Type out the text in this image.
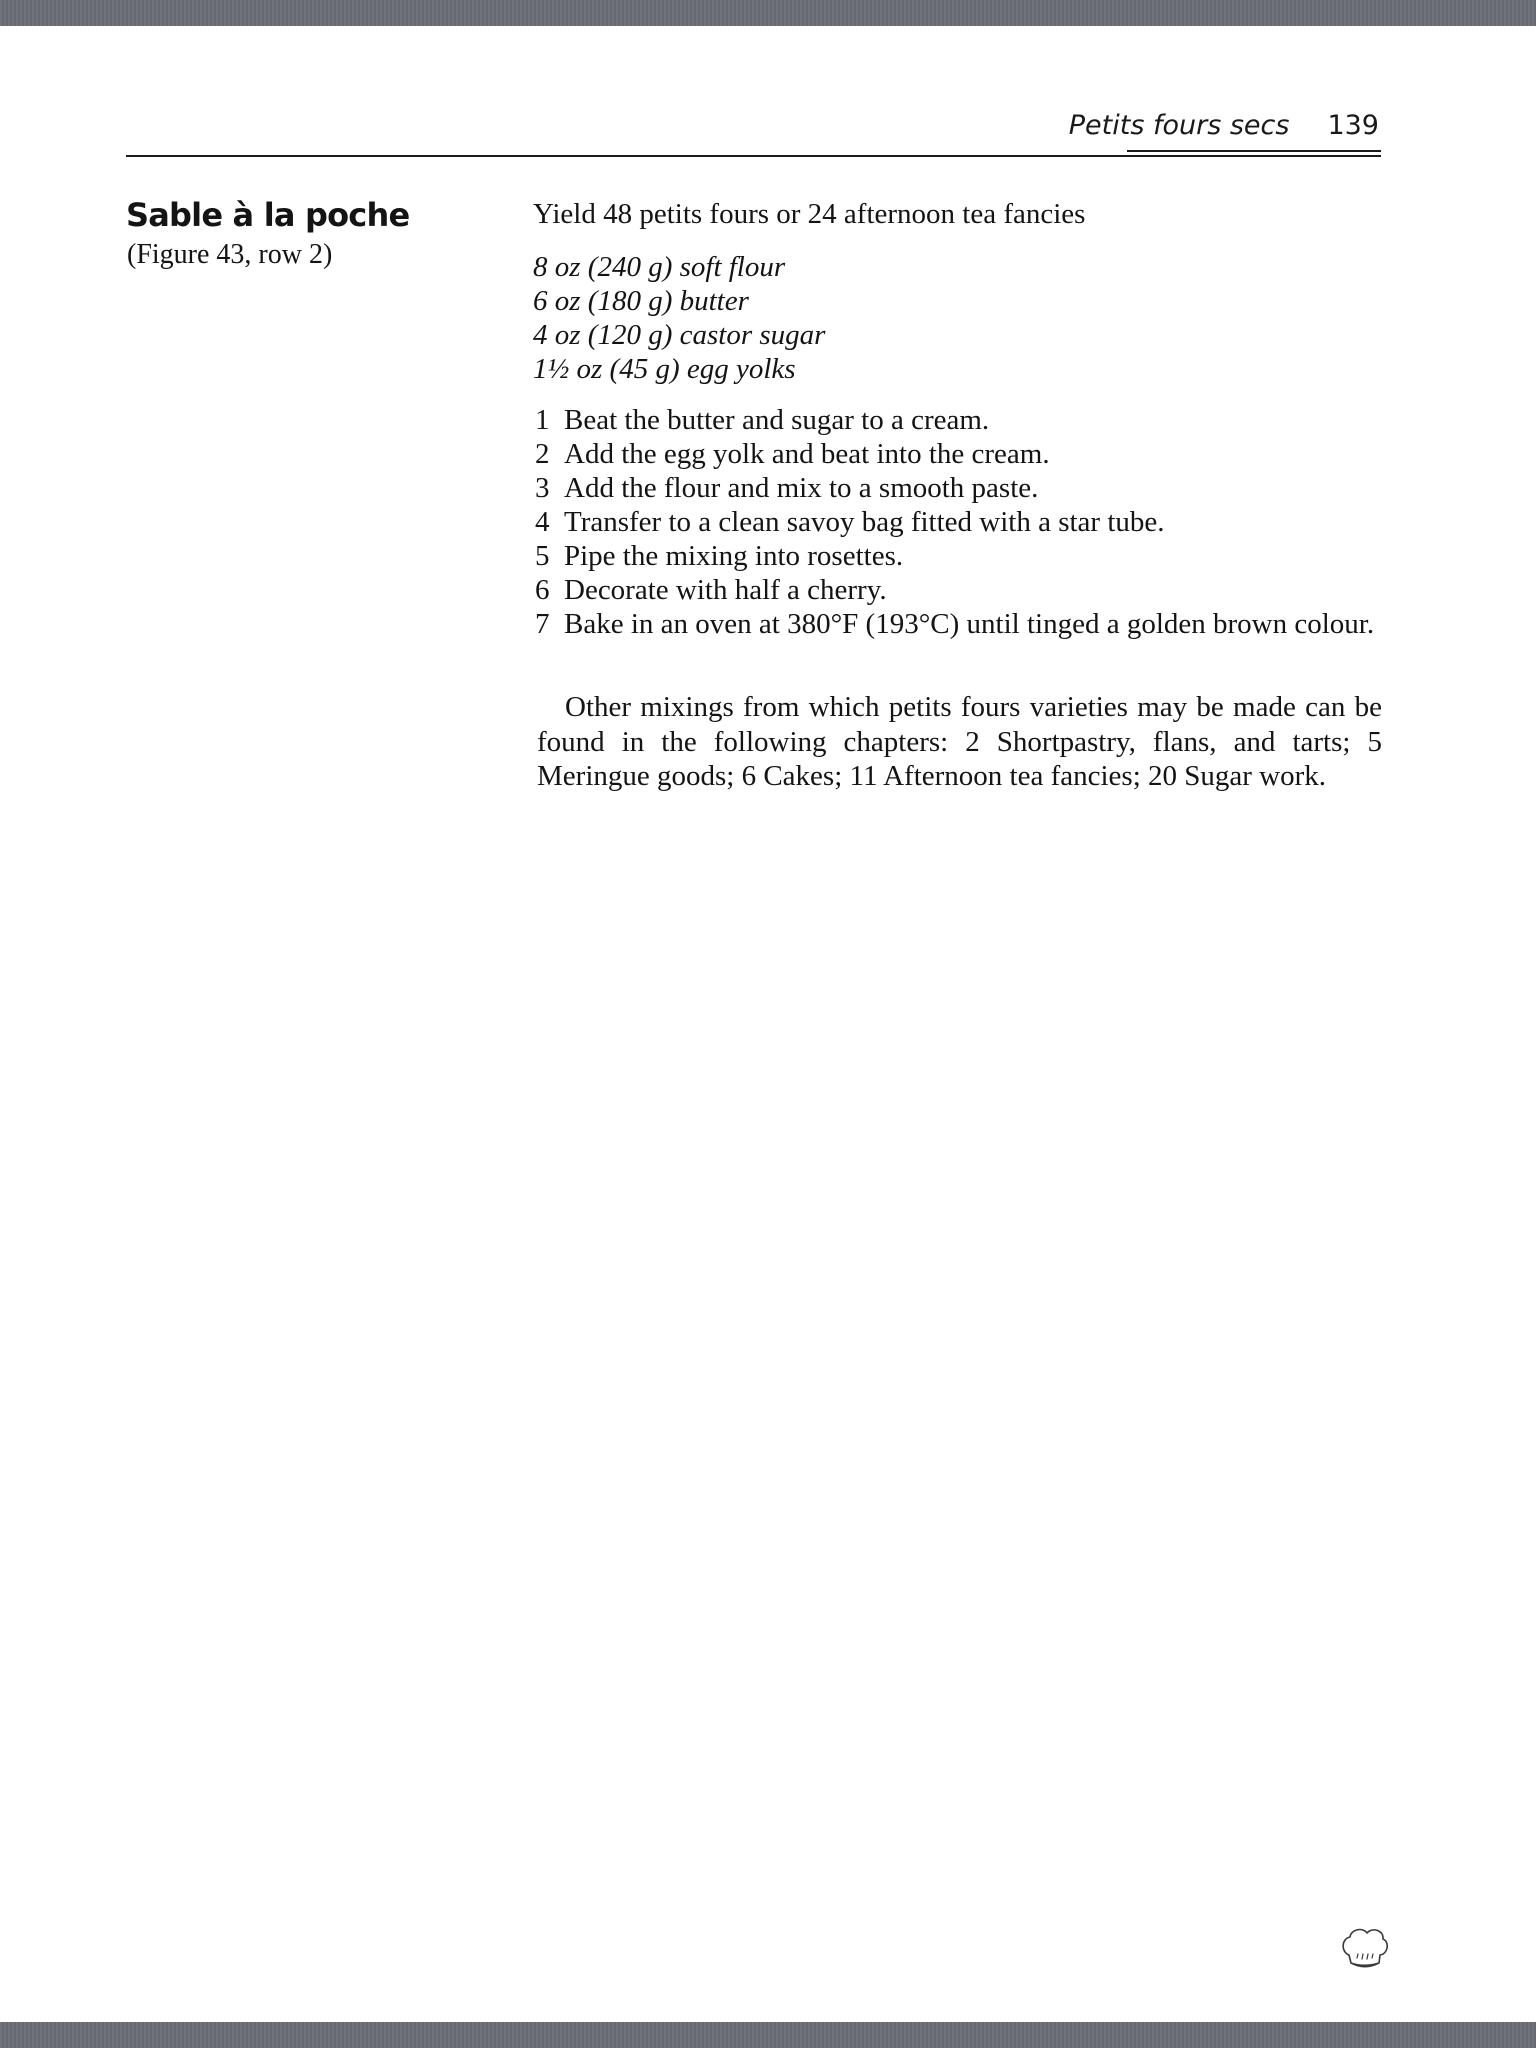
Petits fours secs 139
Sable à la poche
(Figure 43, row 2)
Yield 48 petits fours or 24 afternoon tea fancies
8 oz (240 g) soft flour
6 oz (180 g) butter
4 oz (120 g) castor sugar
1½ oz (45 g) egg yolks
1 Beat the butter and sugar to a cream.
2 Add the egg yolk and beat into the cream.
3 Add the flour and mix to a smooth paste.
4 Transfer to a clean savoy bag fitted with a star tube.
5 Pipe the mixing into rosettes.
6 Decorate with half a cherry.
7 Bake in an oven at 380°F (193°C) until tinged a golden brown colour.

Other mixings from which petits fours varieties may be made can be found in the following chapters: 2 Shortpastry, flans, and tarts; 5 Meringue goods; 6 Cakes; 11 Afternoon tea fancies; 20 Sugar work.
